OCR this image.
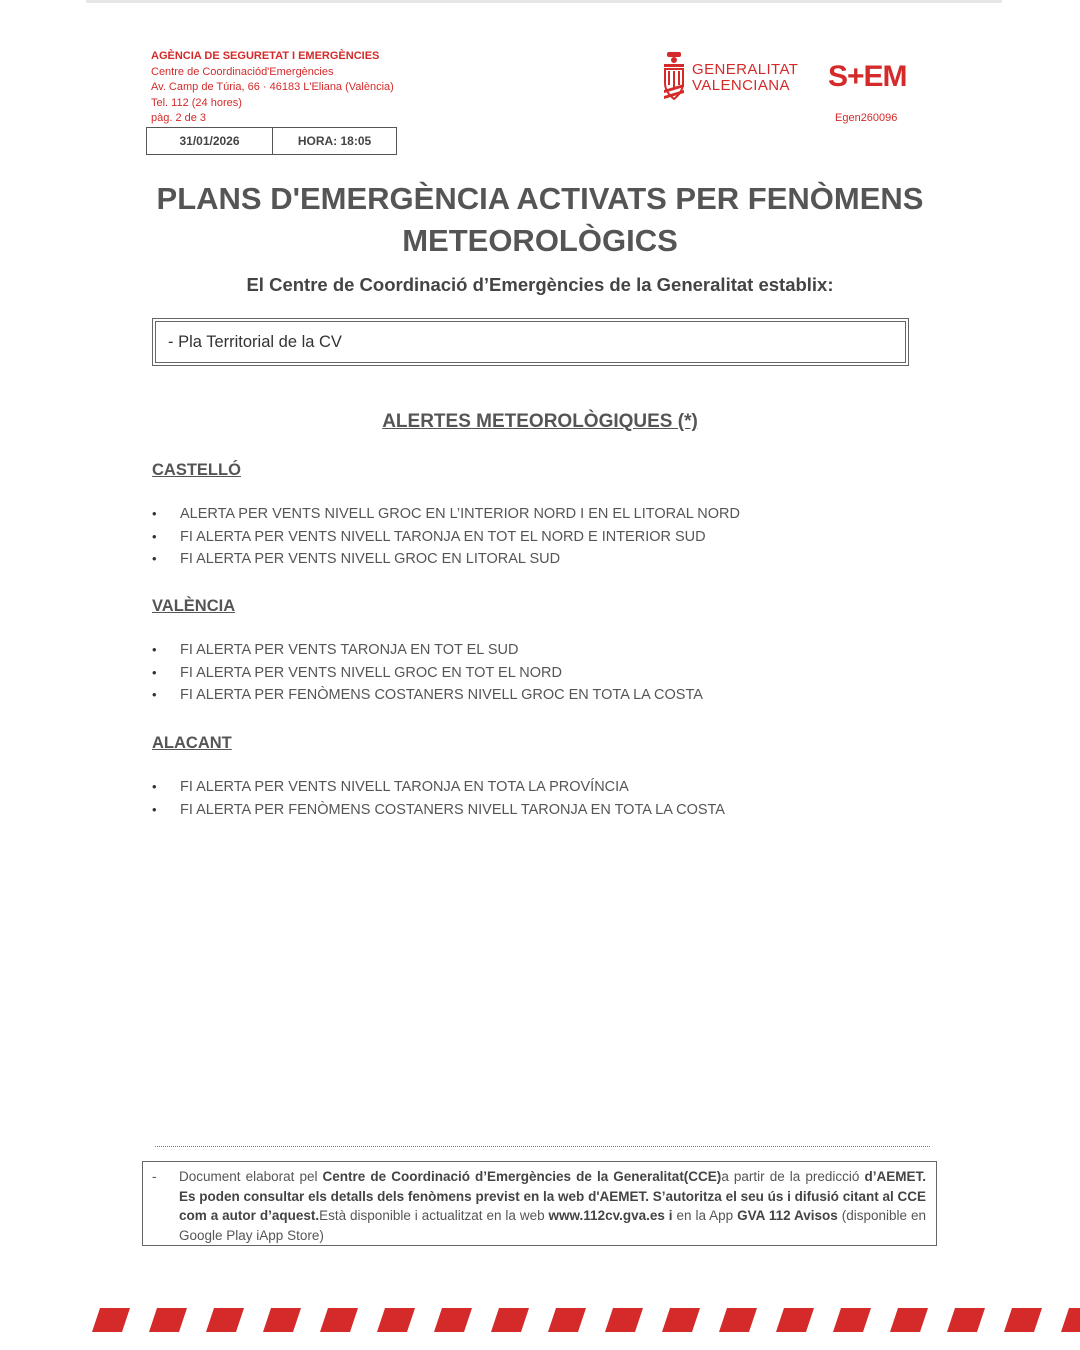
AGÈNCIA DE SEGURETAT I EMERGÈNCIES
Centre de Coordinaciód'Emergències
Av. Camp de Túria, 66 · 46183 L'Eliana (València)
Tel. 112 (24 hores)
pàg. 2 de 3
31/01/2026	HORA: 18:05
GENERALITAT
VALENCIANA S+EM
Egen260096
PLANS D'EMERGÈNCIA ACTIVATS PER FENÒMENS METEOROLÒGICS
El Centre de Coordinació d’Emergències de la Generalitat establix:
- Pla Territorial de la CV
ALERTES METEOROLÒGIQUES (*)
CASTELLÓ
• ALERTA PER VENTS NIVELL GROC EN L’INTERIOR NORD I EN EL LITORAL NORD
• FI ALERTA PER VENTS NIVELL TARONJA EN TOT EL NORD E INTERIOR SUD
• FI ALERTA PER VENTS NIVELL GROC EN LITORAL SUD
VALÈNCIA
• FI ALERTA PER VENTS TARONJA EN TOT EL SUD
• FI ALERTA PER VENTS NIVELL GROC EN TOT EL NORD
• FI ALERTA PER FENÒMENS COSTANERS NIVELL GROC EN TOTA LA COSTA
ALACANT
• FI ALERTA PER VENTS NIVELL TARONJA EN TOTA LA PROVÍNCIA
• FI ALERTA PER FENÒMENS COSTANERS NIVELL TARONJA EN TOTA LA COSTA
- Document elaborat pel Centre de Coordinació d’Emergències de la Generalitat(CCE)a partir de la predicció d’AEMET. Es poden consultar els detalls dels fenòmens previst en la web d'AEMET. S’autoritza el seu ús i difusió citant al CCE com a autor d’aquest.Està disponible i actualitzat en la web www.112cv.gva.es i en la App GVA 112 Avisos (disponible en Google Play iApp Store)
